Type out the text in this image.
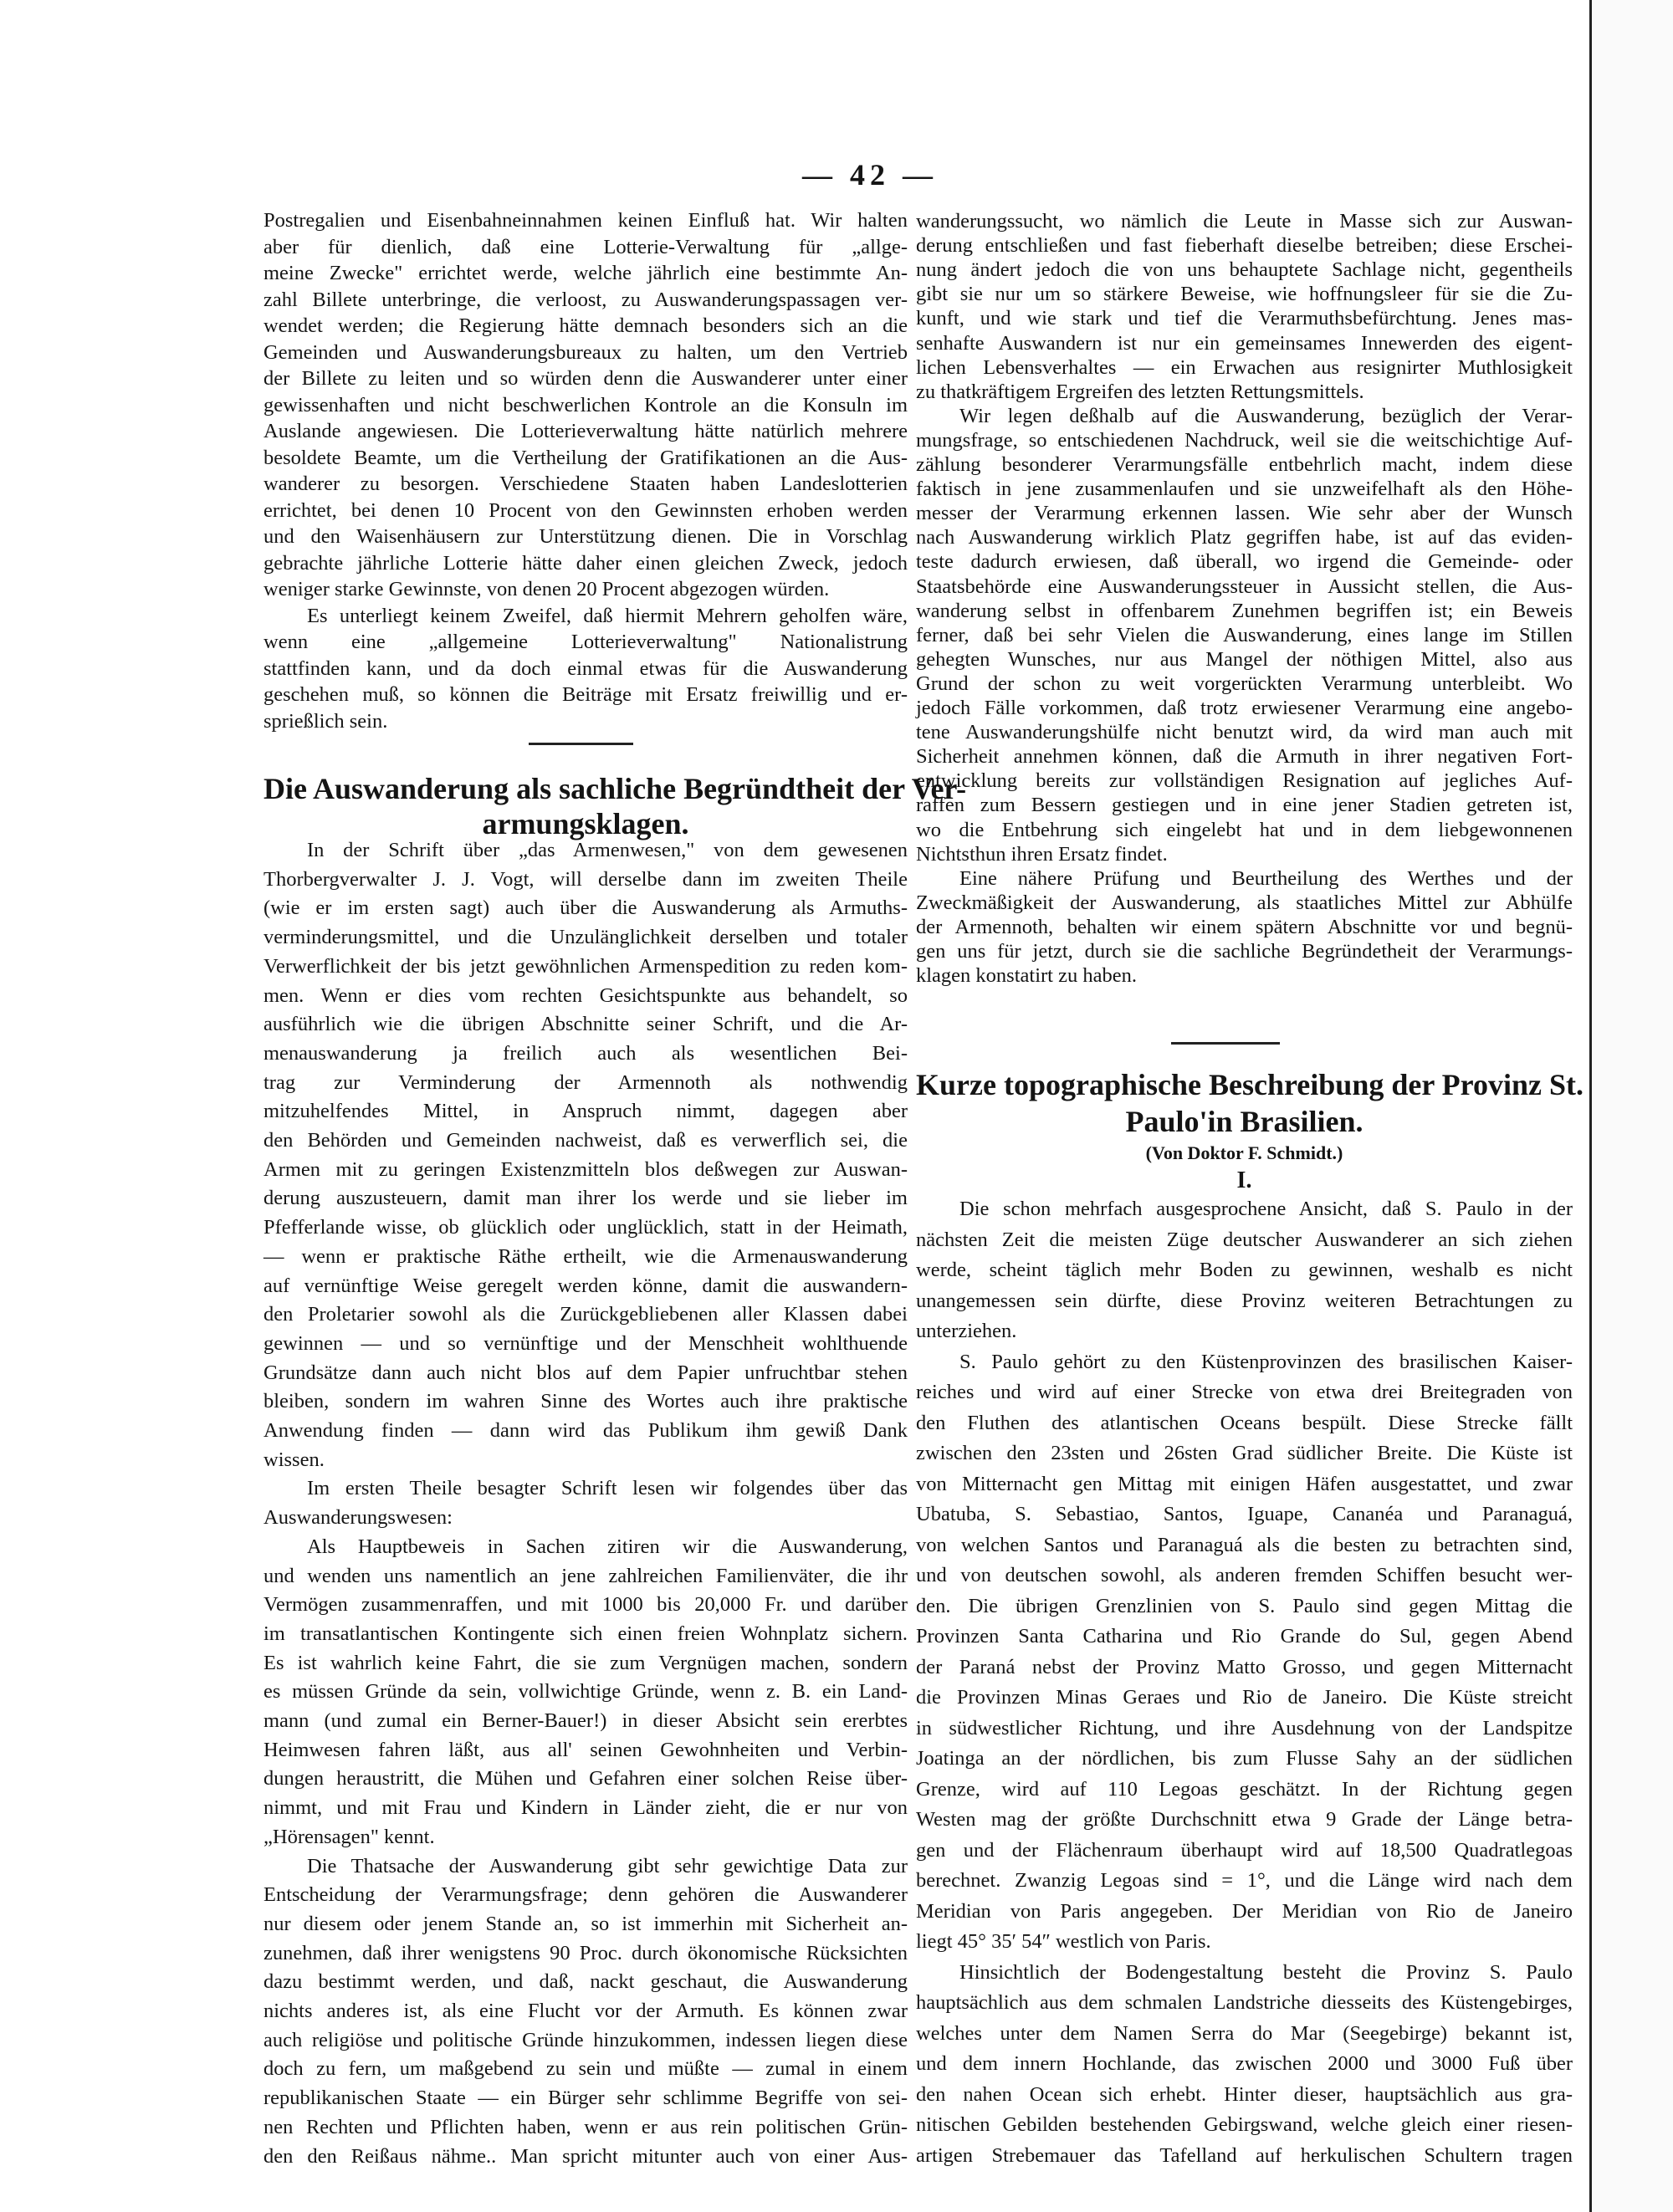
— 42 —
Postregalien und Eisenbahneinnahmen keinen Einfluß hat. Wir halten
aber für dienlich, daß eine Lotterie-Verwaltung für „allge-
meine Zwecke" errichtet werde, welche jährlich eine bestimmte An-
zahl Billete unterbringe, die verloost, zu Auswanderungspassagen ver-
wendet werden; die Regierung hätte demnach besonders sich an die
Gemeinden und Auswanderungsbureaux zu halten, um den Vertrieb
der Billete zu leiten und so würden denn die Auswanderer unter einer
gewissenhaften und nicht beschwerlichen Kontrole an die Konsuln im
Auslande angewiesen. Die Lotterieverwaltung hätte natürlich mehrere
besoldete Beamte, um die Vertheilung der Gratifikationen an die Aus-
wanderer zu besorgen. Verschiedene Staaten haben Landeslotterien
errichtet, bei denen 10 Procent von den Gewinnsten erhoben werden
und den Waisenhäusern zur Unterstützung dienen. Die in Vorschlag
gebrachte jährliche Lotterie hätte daher einen gleichen Zweck, jedoch
weniger starke Gewinnste, von denen 20 Procent abgezogen würden.
Es unterliegt keinem Zweifel, daß hiermit Mehrern geholfen wäre,
wenn eine „allgemeine Lotterieverwaltung" Nationalistrung
stattfinden kann, und da doch einmal etwas für die Auswanderung
geschehen muß, so können die Beiträge mit Ersatz freiwillig und er-
sprießlich sein.
In der Schrift über „das Armenwesen," von dem gewesenen
Thorbergverwalter J. J. Vogt, will derselbe dann im zweiten Theile
(wie er im ersten sagt) auch über die Auswanderung als Armuths-
verminderungsmittel, und die Unzulänglichkeit derselben und totaler
Verwerflichkeit der bis jetzt gewöhnlichen Armenspedition zu reden kom-
men. Wenn er dies vom rechten Gesichtspunkte aus behandelt, so
ausführlich wie die übrigen Abschnitte seiner Schrift, und die Ar-
menauswanderung ja freilich auch als wesentlichen Bei-
trag zur Verminderung der Armennoth als nothwendig
mitzuhelfendes Mittel, in Anspruch nimmt, dagegen aber
den Behörden und Gemeinden nachweist, daß es verwerflich sei, die
Armen mit zu geringen Existenzmitteln blos deßwegen zur Auswan-
derung auszusteuern, damit man ihrer los werde und sie lieber im
Pfefferlande wisse, ob glücklich oder unglücklich, statt in der Heimath,
— wenn er praktische Räthe ertheilt, wie die Armenauswanderung
auf vernünftige Weise geregelt werden könne, damit die auswandern-
den Proletarier sowohl als die Zurückgebliebenen aller Klassen dabei
gewinnen — und so vernünftige und der Menschheit wohlthuende
Grundsätze dann auch nicht blos auf dem Papier unfruchtbar stehen
bleiben, sondern im wahren Sinne des Wortes auch ihre praktische
Anwendung finden — dann wird das Publikum ihm gewiß Dank
wissen.
Im ersten Theile besagter Schrift lesen wir folgendes über das
Auswanderungswesen:
Als Hauptbeweis in Sachen zitiren wir die Auswanderung,
und wenden uns namentlich an jene zahlreichen Familienväter, die ihr
Vermögen zusammenraffen, und mit 1000 bis 20,000 Fr. und darüber
im transatlantischen Kontingente sich einen freien Wohnplatz sichern.
Es ist wahrlich keine Fahrt, die sie zum Vergnügen machen, sondern
es müssen Gründe da sein, vollwichtige Gründe, wenn z. B. ein Land-
mann (und zumal ein Berner-Bauer!) in dieser Absicht sein ererbtes
Heimwesen fahren läßt, aus all' seinen Gewohnheiten und Verbin-
dungen heraustritt, die Mühen und Gefahren einer solchen Reise über-
nimmt, und mit Frau und Kindern in Länder zieht, die er nur von
„Hörensagen" kennt.
Die Thatsache der Auswanderung gibt sehr gewichtige Data zur
Entscheidung der Verarmungsfrage; denn gehören die Auswanderer
nur diesem oder jenem Stande an, so ist immerhin mit Sicherheit an-
zunehmen, daß ihrer wenigstens 90 Proc. durch ökonomische Rücksichten
dazu bestimmt werden, und daß, nackt geschaut, die Auswanderung
nichts anderes ist, als eine Flucht vor der Armuth. Es können zwar
auch religiöse und politische Gründe hinzukommen, indessen liegen diese
doch zu fern, um maßgebend zu sein und müßte — zumal in einem
republikanischen Staate — ein Bürger sehr schlimme Begriffe von sei-
nen Rechten und Pflichten haben, wenn er aus rein politischen Grün-
den den Reißaus nähme.. Man spricht mitunter auch von einer Aus-
wanderungssucht, wo nämlich die Leute in Masse sich zur Auswan-
derung entschließen und fast fieberhaft dieselbe betreiben; diese Erschei-
nung ändert jedoch die von uns behauptete Sachlage nicht, gegentheils
gibt sie nur um so stärkere Beweise, wie hoffnungsleer für sie die Zu-
kunft, und wie stark und tief die Verarmuthsbefürchtung. Jenes mas-
senhafte Auswandern ist nur ein gemeinsames Innewerden des eigent-
lichen Lebensverhaltes — ein Erwachen aus resignirter Muthlosigkeit
zu thatkräftigem Ergreifen des letzten Rettungsmittels.
Wir legen deßhalb auf die Auswanderung, bezüglich der Verar-
mungsfrage, so entschiedenen Nachdruck, weil sie die weitschichtige Auf-
zählung besonderer Verarmungsfälle entbehrlich macht, indem diese
faktisch in jene zusammenlaufen und sie unzweifelhaft als den Höhe-
messer der Verarmung erkennen lassen. Wie sehr aber der Wunsch
nach Auswanderung wirklich Platz gegriffen habe, ist auf das eviden-
teste dadurch erwiesen, daß überall, wo irgend die Gemeinde- oder
Staatsbehörde eine Auswanderungssteuer in Aussicht stellen, die Aus-
wanderung selbst in offenbarem Zunehmen begriffen ist; ein Beweis
ferner, daß bei sehr Vielen die Auswanderung, eines lange im Stillen
gehegten Wunsches, nur aus Mangel der nöthigen Mittel, also aus
Grund der schon zu weit vorgerückten Verarmung unterbleibt. Wo
jedoch Fälle vorkommen, daß trotz erwiesener Verarmung eine angebo-
tene Auswanderungshülfe nicht benutzt wird, da wird man auch mit
Sicherheit annehmen können, daß die Armuth in ihrer negativen Fort-
entwicklung bereits zur vollständigen Resignation auf jegliches Auf-
raffen zum Bessern gestiegen und in eine jener Stadien getreten ist,
wo die Entbehrung sich eingelebt hat und in dem liebgewonnenen
Nichtsthun ihren Ersatz findet.
Eine nähere Prüfung und Beurtheilung des Werthes und der
Zweckmäßigkeit der Auswanderung, als staatliches Mittel zur Abhülfe
der Armennoth, behalten wir einem spätern Abschnitte vor und begnü-
gen uns für jetzt, durch sie die sachliche Begründetheit der Verarmungs-
klagen konstatirt zu haben.
Die schon mehrfach ausgesprochene Ansicht, daß S. Paulo in der
nächsten Zeit die meisten Züge deutscher Auswanderer an sich ziehen
werde, scheint täglich mehr Boden zu gewinnen, weshalb es nicht
unangemessen sein dürfte, diese Provinz weiteren Betrachtungen zu
unterziehen.
S. Paulo gehört zu den Küstenprovinzen des brasilischen Kaiser-
reiches und wird auf einer Strecke von etwa drei Breitegraden von
den Fluthen des atlantischen Oceans bespült. Diese Strecke fällt
zwischen den 23sten und 26sten Grad südlicher Breite. Die Küste ist
von Mitternacht gen Mittag mit einigen Häfen ausgestattet, und zwar
Ubatuba, S. Sebastiao, Santos, Iguape, Cananéa und Paranaguá,
von welchen Santos und Paranaguá als die besten zu betrachten sind,
und von deutschen sowohl, als anderen fremden Schiffen besucht wer-
den. Die übrigen Grenzlinien von S. Paulo sind gegen Mittag die
Provinzen Santa Catharina und Rio Grande do Sul, gegen Abend
der Paraná nebst der Provinz Matto Grosso, und gegen Mitternacht
die Provinzen Minas Geraes und Rio de Janeiro. Die Küste streicht
in südwestlicher Richtung, und ihre Ausdehnung von der Landspitze
Joatinga an der nördlichen, bis zum Flusse Sahy an der südlichen
Grenze, wird auf 110 Legoas geschätzt. In der Richtung gegen
Westen mag der größte Durchschnitt etwa 9 Grade der Länge betra-
gen und der Flächenraum überhaupt wird auf 18,500 Quadratlegoas
berechnet. Zwanzig Legoas sind = 1°, und die Länge wird nach dem
Meridian von Paris angegeben. Der Meridian von Rio de Janeiro
liegt 45° 35′ 54″ westlich von Paris.
Hinsichtlich der Bodengestaltung besteht die Provinz S. Paulo
hauptsächlich aus dem schmalen Landstriche diesseits des Küstengebirges,
welches unter dem Namen Serra do Mar (Seegebirge) bekannt ist,
und dem innern Hochlande, das zwischen 2000 und 3000 Fuß über
den nahen Ocean sich erhebt. Hinter dieser, hauptsächlich aus gra-
nitischen Gebilden bestehenden Gebirgswand, welche gleich einer riesen-
artigen Strebemauer das Tafelland auf herkulischen Schultern tragen
Die Auswanderung als sachliche Begründtheit der Ver-
armungsklagen.
Kurze topographische Beschreibung der Provinz St.
Paulo'in Brasilien.
(Von Doktor F. Schmidt.)
I.
